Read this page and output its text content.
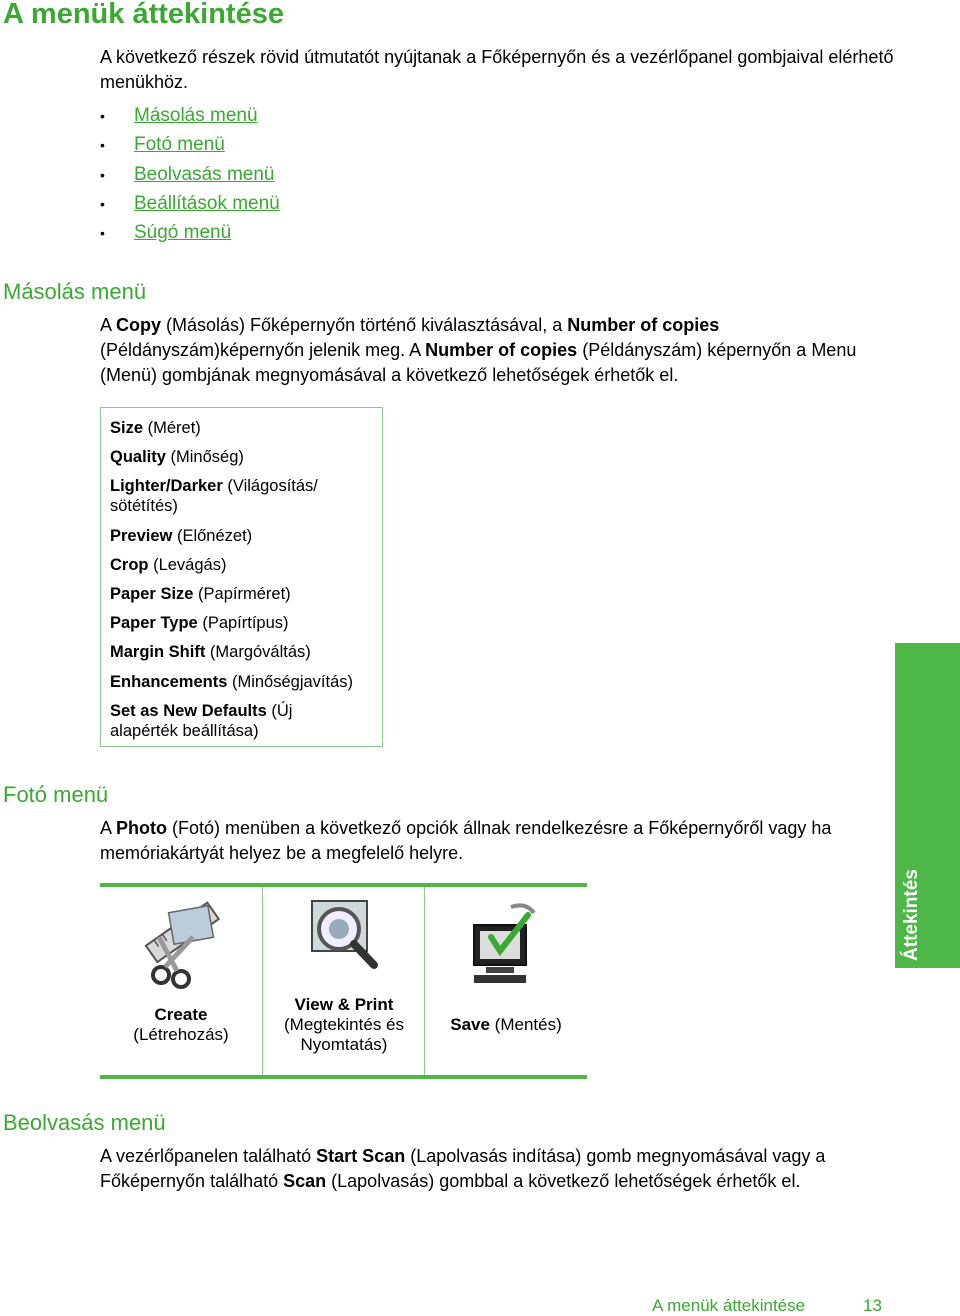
A menük áttekintése

A következő részek rövid útmutatót nyújtanak a Főképernyőn és a vezérlőpanel gombjaival elérhető menükhöz.

• Másolás menü
• Fotó menü
• Beolvasás menü
• Beállítások menü
• Súgó menü
Másolás menü

A Copy (Másolás) Főképernyőn történő kiválasztásával, a Number of copies (Példányszám)képernyőn jelenik meg. A Number of copies (Példányszám) képernyőn a Menu (Menü) gombjának megnyomásával a következő lehetőségek érhetők el.

Size (Méret)
Quality (Minőség)
Lighter/Darker (Világosítás/ sötétítés)
Preview (Előnézet)
Crop (Levágás)
Paper Size (Papírméret)
Paper Type (Papírtípus)
Margin Shift (Margóváltás)
Enhancements (Minőségjavítás)
Set as New Defaults (Új alapérték beállítása)
Fotó menü

A Photo (Fotó) menüben a következő opciók állnak rendelkezésre a Főképernyőről vagy ha memóriakártyát helyez be a megfelelő helyre.

Create
(Létrehozás)
View & Print
(Megtekintés és Nyomtatás)
Save (Mentés)
Beolvasás menü

A vezérlőpanelen található Start Scan (Lapolvasás indítása) gomb megnyomásával vagy a Főképernyőn található Scan (Lapolvasás) gombbal a következő lehetőségek érhetők el.

Áttekintés
A menük áttekintése	13
